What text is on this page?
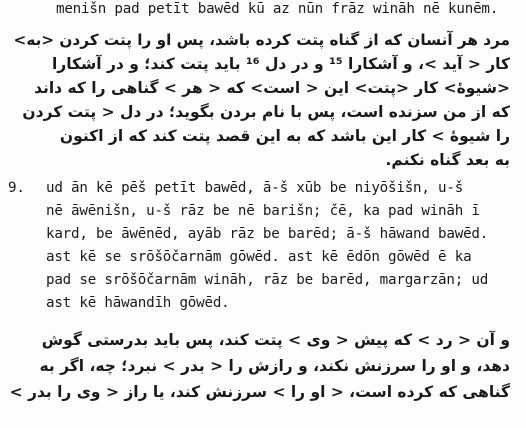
menišn pad petīt bawēd kū az nūn frāz wināh nē kunēm.
مرد هر آنسان که از گناه پتت کرده باشد، پس او را پتت کردن <به>
کار < آید >، و آشکارا ¹⁵ و در دل ¹⁶ باید پتت کند؛ و در آشکارا
<شیوهٔ> کار <پتت> این < است> که < هر > گناهی را که داند
که از من سزنده است، پس با نام بردن بگوید؛ در دل < پتت کردن
را شیوهٔ > کار این باشد که به این قصد پتت کند که از اکنون
به بعد گناه نکنم.
9. ud ān kē pēš petīt bawēd, ā-š xūb be niyōšišn, u-š
nē āwēnišn, u-š rāz be nē barišn; čē, ka pad wināh ī
kard, be āwēnēd, ayāb rāz be barēd; ā-š hāwand bawēd.
ast kē se srōšōčarnām gōwēd. ast kē ēdōn gōwēd ē ka
pad se srōšōčarnām wināh, rāz be barēd, margarzān; ud
ast kē hāwandīh gōwēd.
و آن < رد > که پیش < وی > پتت کند، پس باید بدرستی گوش
دهد، و او را سرزنش نکند، و رازش را < بدر > نبرد؛ چه، اگر به
گناهی که کرده است، < او را > سرزنش کند، یا راز < وی را بدر >
